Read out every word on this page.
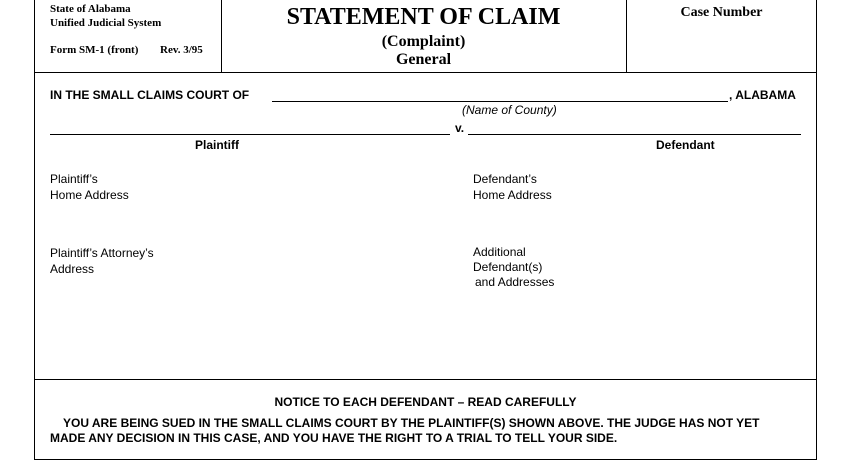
State of Alabama
Unified Judicial System
Form SM-1 (front) Rev. 3/95
STATEMENT OF CLAIM
(Complaint)
General
Case Number
IN THE SMALL CLAIMS COURT OF	, ALABAMA
(Name of County)
v.
Plaintiff	Defendant
Plaintiff’s
Home Address
Defendant’s
Home Address
Plaintiff’s Attorney’s
Address
Additional
Defendant(s)
and Addresses
NOTICE TO EACH DEFENDANT – READ CAREFULLY
YOU ARE BEING SUED IN THE SMALL CLAIMS COURT BY THE PLAINTIFF(S) SHOWN ABOVE. THE JUDGE HAS NOT YET
MADE ANY DECISION IN THIS CASE, AND YOU HAVE THE RIGHT TO A TRIAL TO TELL YOUR SIDE.
